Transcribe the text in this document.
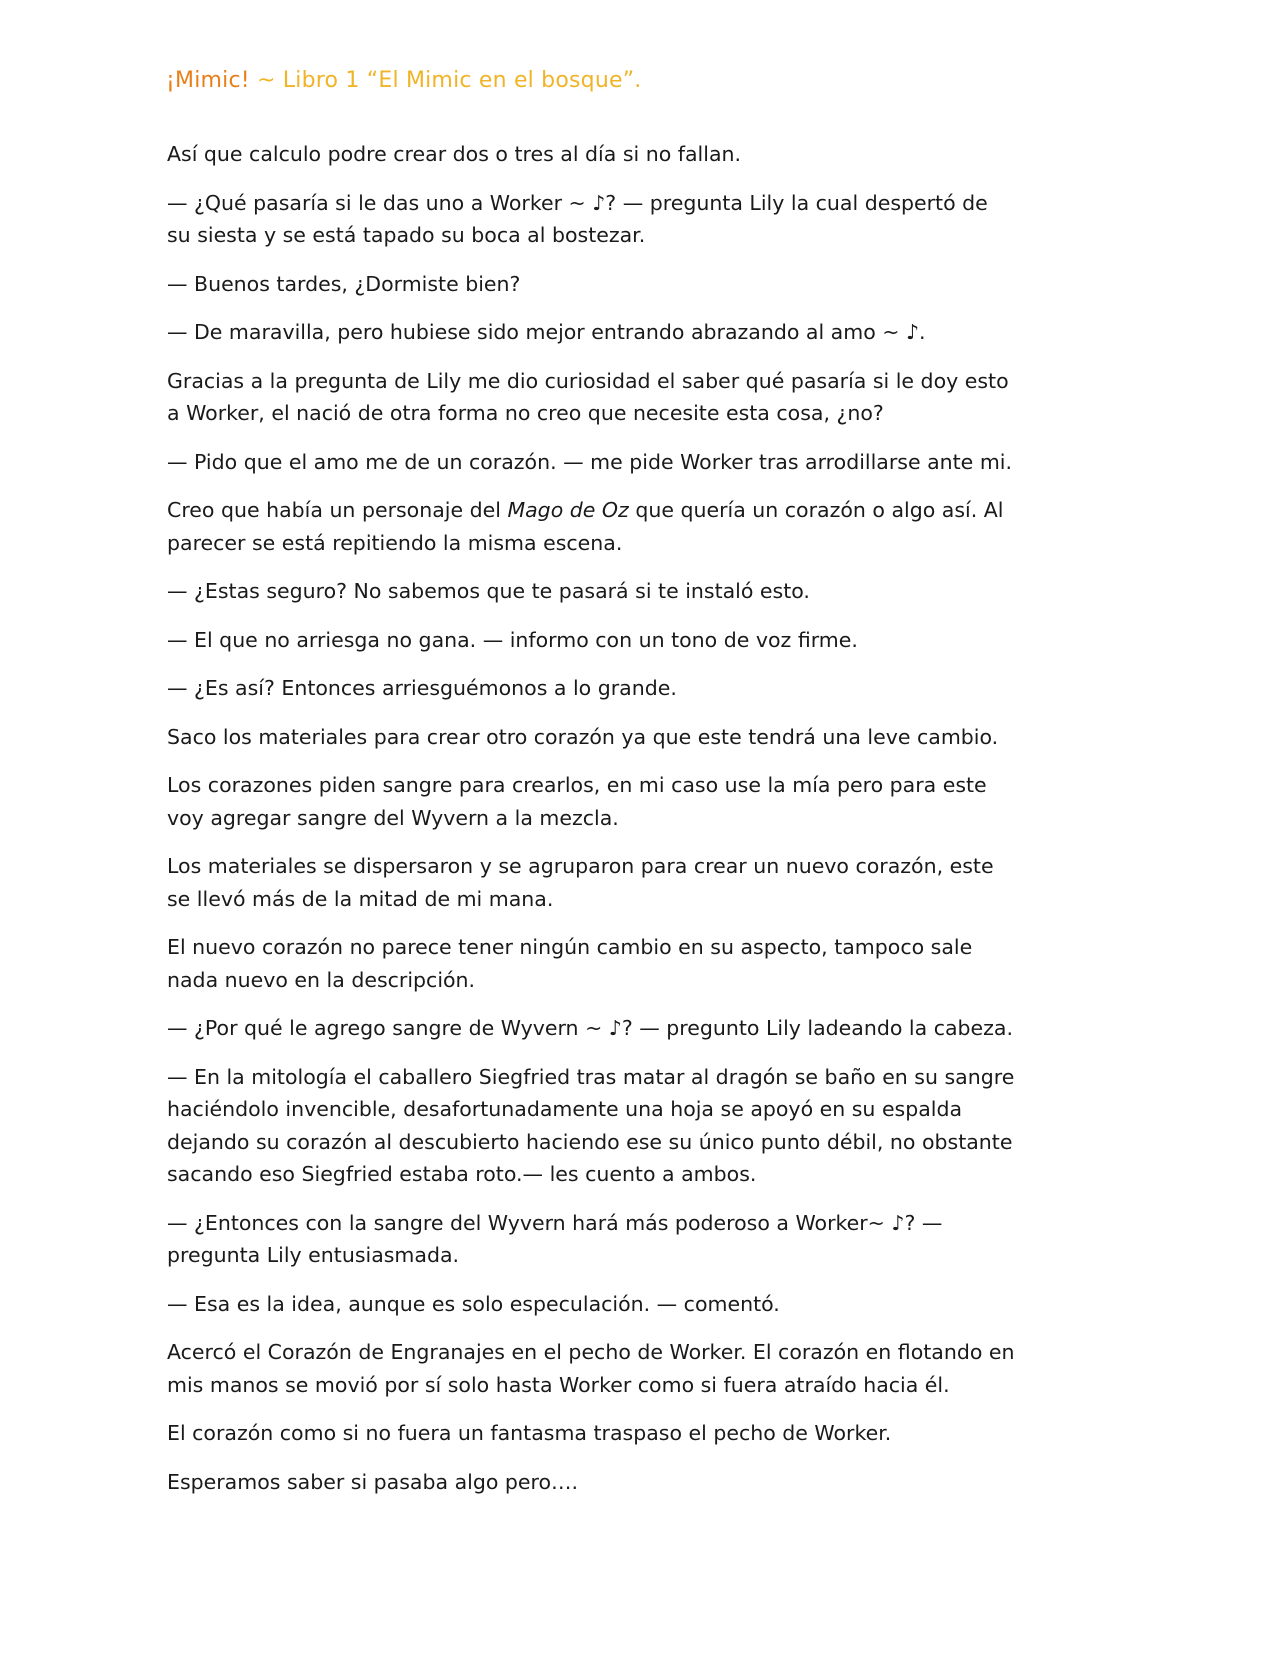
¡Mimic! ~ Libro 1 “El Mimic en el bosque”.

Así que calculo podre crear dos o tres al día si no fallan.

— ¿Qué pasaría si le das uno a Worker ~ ♪? — pregunta Lily la cual despertó de su siesta y se está tapado su boca al bostezar.

— Buenos tardes, ¿Dormiste bien?

— De maravilla, pero hubiese sido mejor entrando abrazando al amo ~ ♪.

Gracias a la pregunta de Lily me dio curiosidad el saber qué pasaría si le doy esto a Worker, el nació de otra forma no creo que necesite esta cosa, ¿no?

— Pido que el amo me de un corazón. — me pide Worker tras arrodillarse ante mi.

Creo que había un personaje del Mago de Oz que quería un corazón o algo así. Al parecer se está repitiendo la misma escena.

— ¿Estas seguro? No sabemos que te pasará si te instaló esto.

— El que no arriesga no gana. — informo con un tono de voz firme.

— ¿Es así? Entonces arriesguémonos a lo grande.

Saco los materiales para crear otro corazón ya que este tendrá una leve cambio.

Los corazones piden sangre para crearlos, en mi caso use la mía pero para este voy agregar sangre del Wyvern a la mezcla.

Los materiales se dispersaron y se agruparon para crear un nuevo corazón, este se llevó más de la mitad de mi mana.

El nuevo corazón no parece tener ningún cambio en su aspecto, tampoco sale nada nuevo en la descripción.

— ¿Por qué le agrego sangre de Wyvern ~ ♪? — pregunto Lily ladeando la cabeza.

— En la mitología el caballero Siegfried tras matar al dragón se baño en su sangre haciéndolo invencible, desafortunadamente una hoja se apoyó en su espalda dejando su corazón al descubierto haciendo ese su único punto débil, no obstante sacando eso Siegfried estaba roto.— les cuento a ambos.

— ¿Entonces con la sangre del Wyvern hará más poderoso a Worker~ ♪? — pregunta Lily entusiasmada.

— Esa es la idea, aunque es solo especulación. — comentó.

Acercó el Corazón de Engranajes en el pecho de Worker. El corazón en flotando en mis manos se movió por sí solo hasta Worker como si fuera atraído hacia él.

El corazón como si no fuera un fantasma traspaso el pecho de Worker.

Esperamos saber si pasaba algo pero….
